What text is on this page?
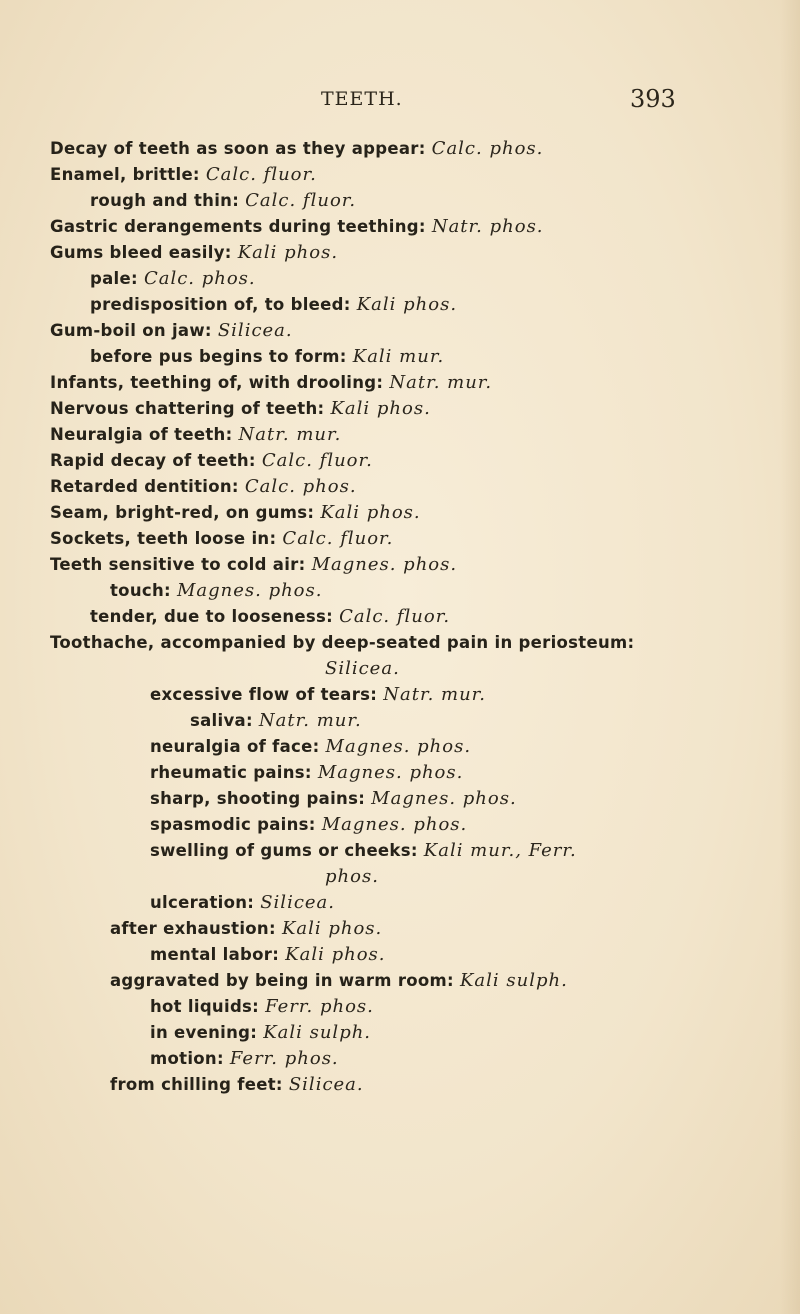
TEETH.	393
Decay of teeth as soon as they appear: Calc. phos.
Enamel, brittle: Calc. fluor.
rough and thin: Calc. fluor.
Gastric derangements during teething: Natr. phos.
Gums bleed easily: Kali phos.
pale: Calc. phos.
predisposition of, to bleed: Kali phos.
Gum-boil on jaw: Silicea.
before pus begins to form: Kali mur.
Infants, teething of, with drooling: Natr. mur.
Nervous chattering of teeth: Kali phos.
Neuralgia of teeth: Natr. mur.
Rapid decay of teeth: Calc. fluor.
Retarded dentition: Calc. phos.
Seam, bright-red, on gums: Kali phos.
Sockets, teeth loose in: Calc. fluor.
Teeth sensitive to cold air: Magnes. phos.
touch: Magnes. phos.
tender, due to looseness: Calc. fluor.
Toothache, accompanied by deep-seated pain in periosteum:
Silicea.
excessive flow of tears: Natr. mur.
saliva: Natr. mur.
neuralgia of face: Magnes. phos.
rheumatic pains: Magnes. phos.
sharp, shooting pains: Magnes. phos.
spasmodic pains: Magnes. phos.
swelling of gums or cheeks: Kali mur., Ferr.
phos.
ulceration: Silicea.
after exhaustion: Kali phos.
mental labor: Kali phos.
aggravated by being in warm room: Kali sulph.
hot liquids: Ferr. phos.
in evening: Kali sulph.
motion: Ferr. phos.
from chilling feet: Silicea.
